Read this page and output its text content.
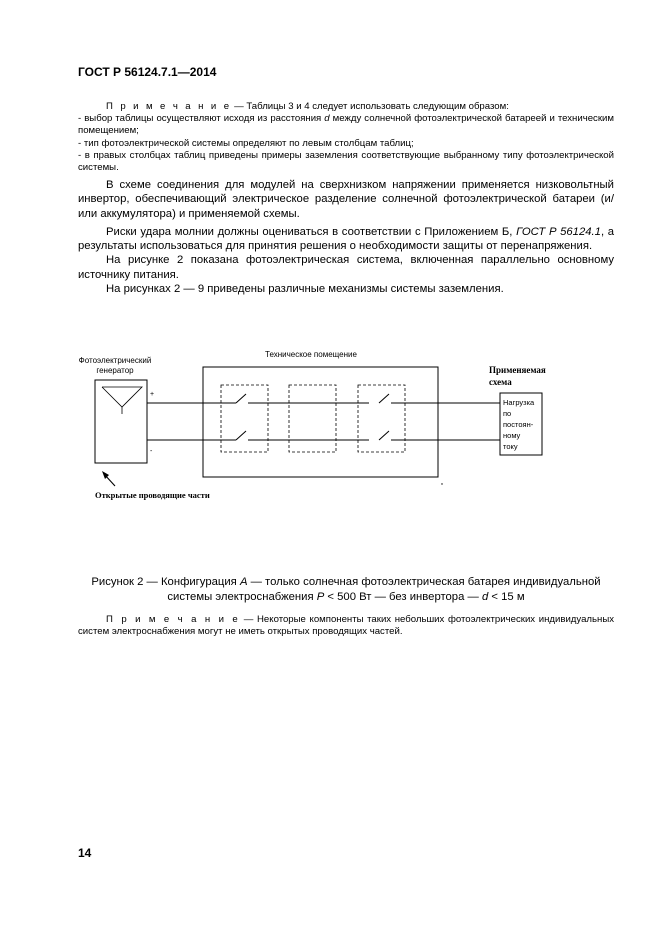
ГОСТ Р 56124.7.1—2014
П р и м е ч а н и е — Таблицы 3 и 4 следует использовать следующим образом:
- выбор таблицы осуществляют исходя из расстояния d между солнечной фотоэлектрической батареей и техническим помещением;
- тип фотоэлектрической системы определяют по левым столбцам таблиц;
- в правых столбцах таблиц приведены примеры заземления соответствующие выбранному типу фотоэлектрической системы.

В схеме соединения для модулей на сверхнизком напряжении применяется низковольтный инвертор, обеспечивающий электрическое разделение солнечной фотоэлектрической батареи (и/или аккумулятора) и применяемой схемы.

Риски удара молнии должны оцениваться в соответствии с Приложением Б, ГОСТ Р 56124.1, а результаты использоваться для принятия решения о необходимости защиты от перенапряжения.

На рисунке 2 показана фотоэлектрическая система, включенная параллельно основному источнику питания.

На рисунках 2 — 9 приведены различные механизмы системы заземления.

Техническое помещение
Фотоэлектрический
генератор
+
-
Применяемая
схема
Нагрузка
по
постоян-
ному
току
Открытые проводящие части
Рисунок 2 — Конфигурация A — только солнечная фотоэлектрическая батарея индивидуальной системы электроснабжения P < 500 Вт — без инвертора — d < 15 м
П р и м е ч а н и е — Некоторые компоненты таких небольших фотоэлектрических индивидуальных систем электроснабжения могут не иметь открытых проводящих частей.
14
